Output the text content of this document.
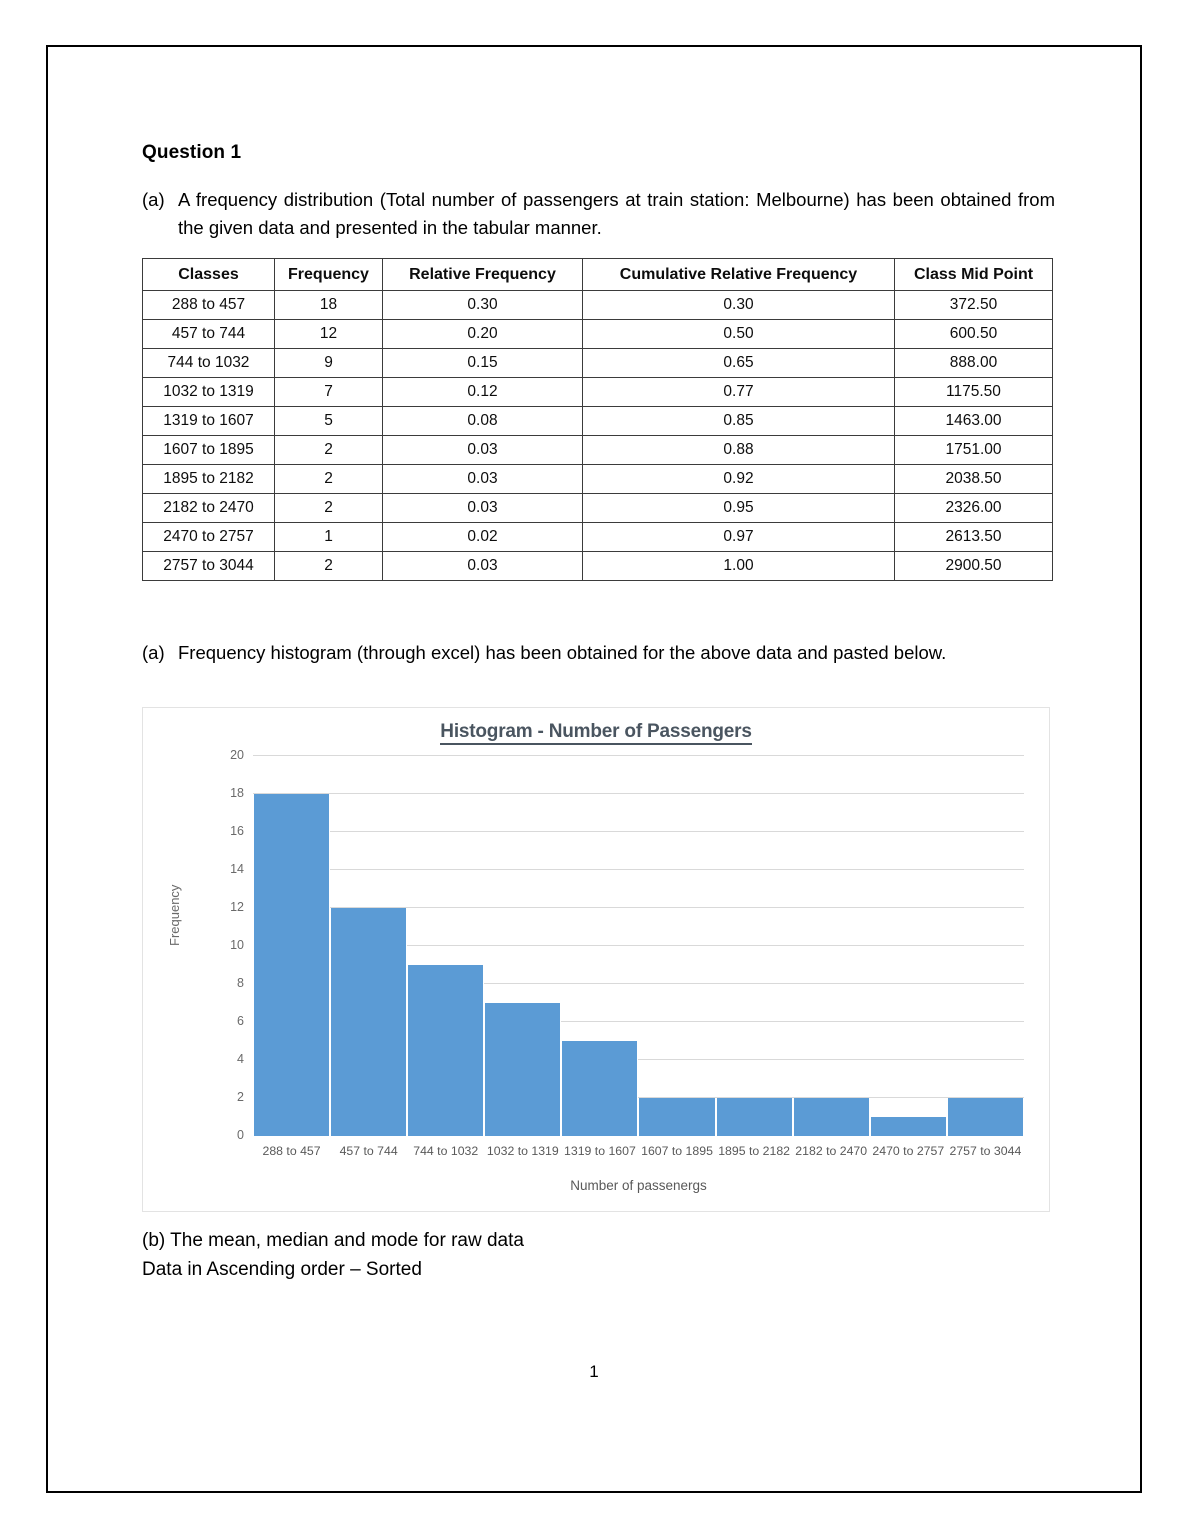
Question 1
(a) A frequency distribution (Total number of passengers at train station: Melbourne) has been obtained from the given data and presented in the tabular manner.
Classes	Frequency	Relative Frequency	Cumulative Relative Frequency	Class Mid Point
288 to 457	18	0.30	0.30	372.50
457 to 744	12	0.20	0.50	600.50
744 to 1032	9	0.15	0.65	888.00
1032 to 1319	7	0.12	0.77	1175.50
1319 to 1607	5	0.08	0.85	1463.00
1607 to 1895	2	0.03	0.88	1751.00
1895 to 2182	2	0.03	0.92	2038.50
2182 to 2470	2	0.03	0.95	2326.00
2470 to 2757	1	0.02	0.97	2613.50
2757 to 3044	2	0.03	1.00	2900.50
(a) Frequency histogram (through excel) has been obtained for the above data and pasted below.
Histogram - Number of Passengers
Frequency
20
18
16
14
12
10
8
6
4
2
0
288 to 457	457 to 744	744 to 1032 1032 to 1319 1319 to 1607 1607 to 1895 1895 to 2182 2182 to 2470 2470 to 2757 2757 to 3044
Number of passenergs
(b) The mean, median and mode for raw data
Data in Ascending order – Sorted
1
